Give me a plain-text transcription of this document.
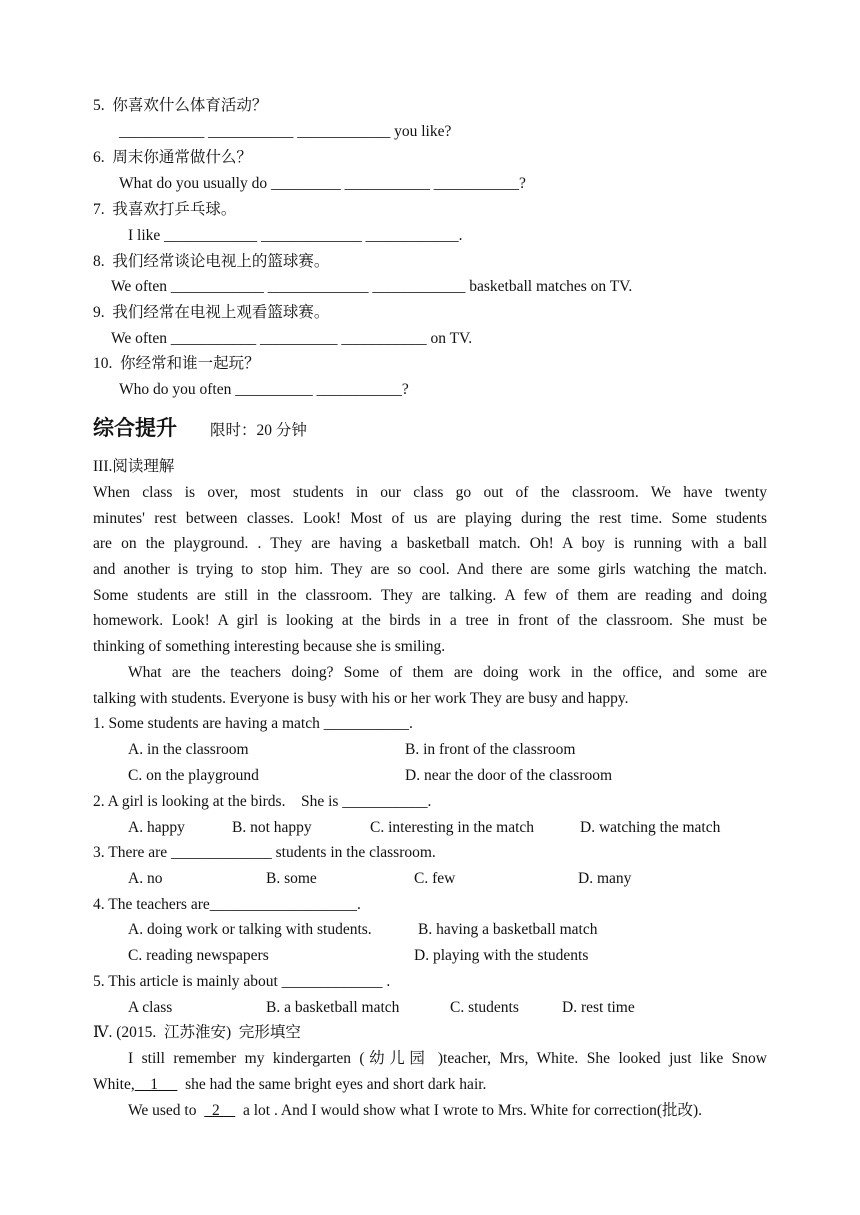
5.  你喜欢什么体育活动？
___________ ___________ ____________ you like?
6.  周末你通常做什么？
What do you usually do _________ ___________ ___________?
7.  我喜欢打乒乓球。
I like ____________ _____________ ____________.
8.  我们经常谈论电视上的篮球赛。
We often ____________ _____________ ____________ basketball matches on TV.
9.  我们经常在电视上观看篮球赛。
We often ___________ __________ ___________ on TV.
10.  你经常和谁一起玩？
Who do you often __________ ___________?
综合提升 限时：20 分钟
III.阅读理解
When class is over, most students in our class go out of the classroom. We have twenty
minutes' rest between classes. Look! Most of us are playing during the rest time. Some students
are on the playground. . They are having a basketball match. Oh! A boy is running with a ball
and another is trying to stop him. They are so cool. And there are some girls watching the match.
Some students are still in the classroom. They are talking. A few of them are reading and doing
homework. Look! A girl is looking at the birds in a tree in front of the classroom. She must be
thinking of something interesting because she is smiling.
What are the teachers doing? Some of them are doing work in the office, and some are
talking with students. Everyone is busy with his or her work They are busy and happy.
1. Some students are having a match ___________.
A. in the classroom	B. in front of the classroom
C. on the playground	D. near the door of the classroom
2. A girl is looking at the birds.    She is ___________.
A. happy	B. not happy	C. interesting in the match	D. watching the match
3. There are _____________ students in the classroom.
A. no	B. some	C. few	D. many
4. The teachers are___________________.
A. doing work or talking with students.	B. having a basketball match
C. reading newspapers	D. playing with the students
5. This article is mainly about _____________ .
A class	B. a basketball match	C. students	D. rest time
Ⅳ. (2015.  江苏淮安)  完形填空
I still remember my kindergarten (幼儿园 )teacher, Mrs, White. She looked just like Snow
White,    1       she had the same bright eyes and short dark hair.
We used to    2      a lot . And I would show what I wrote to Mrs. White for correction(批改).
